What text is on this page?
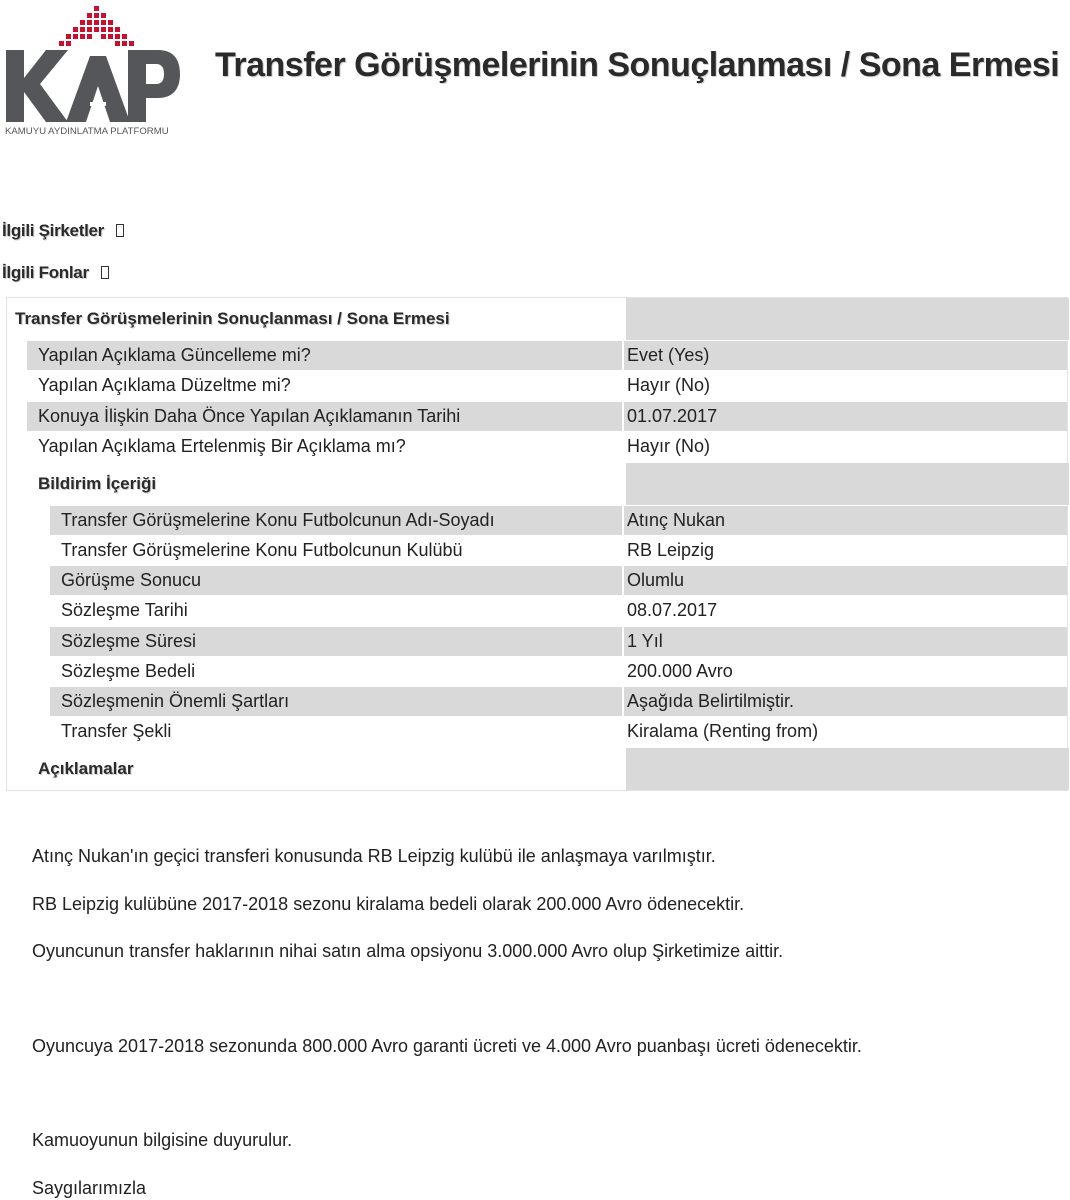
KAMUYU AYDINLATMA PLATFORMU
Transfer Görüşmelerinin Sonuçlanması / Sona Ermesi
İlgili Şirketler
İlgili Fonlar
Transfer Görüşmelerinin Sonuçlanması / Sona Ermesi
Yapılan Açıklama Güncelleme mi?	Evet (Yes)
Yapılan Açıklama Düzeltme mi?	Hayır (No)
Konuya İlişkin Daha Önce Yapılan Açıklamanın Tarihi	01.07.2017
Yapılan Açıklama Ertelenmiş Bir Açıklama mı?	Hayır (No)
Bildirim İçeriği
Transfer Görüşmelerine Konu Futbolcunun Adı-Soyadı	Atınç Nukan
Transfer Görüşmelerine Konu Futbolcunun Kulübü	RB Leipzig
Görüşme Sonucu	Olumlu
Sözleşme Tarihi	08.07.2017
Sözleşme Süresi	1 Yıl
Sözleşme Bedeli	200.000 Avro
Sözleşmenin Önemli Şartları	Aşağıda Belirtilmiştir.
Transfer Şekli	Kiralama (Renting from)
Açıklamalar
Atınç Nukan'ın geçici transferi konusunda RB Leipzig kulübü ile anlaşmaya varılmıştır.
RB Leipzig kulübüne 2017-2018 sezonu kiralama bedeli olarak 200.000 Avro ödenecektir.
Oyuncunun transfer haklarının nihai satın alma opsiyonu 3.000.000 Avro olup Şirketimize aittir.
Oyuncuya 2017-2018 sezonunda 800.000 Avro garanti ücreti ve 4.000 Avro puanbaşı ücreti ödenecektir.
Kamuoyunun bilgisine duyurulur.
Saygılarımızla
